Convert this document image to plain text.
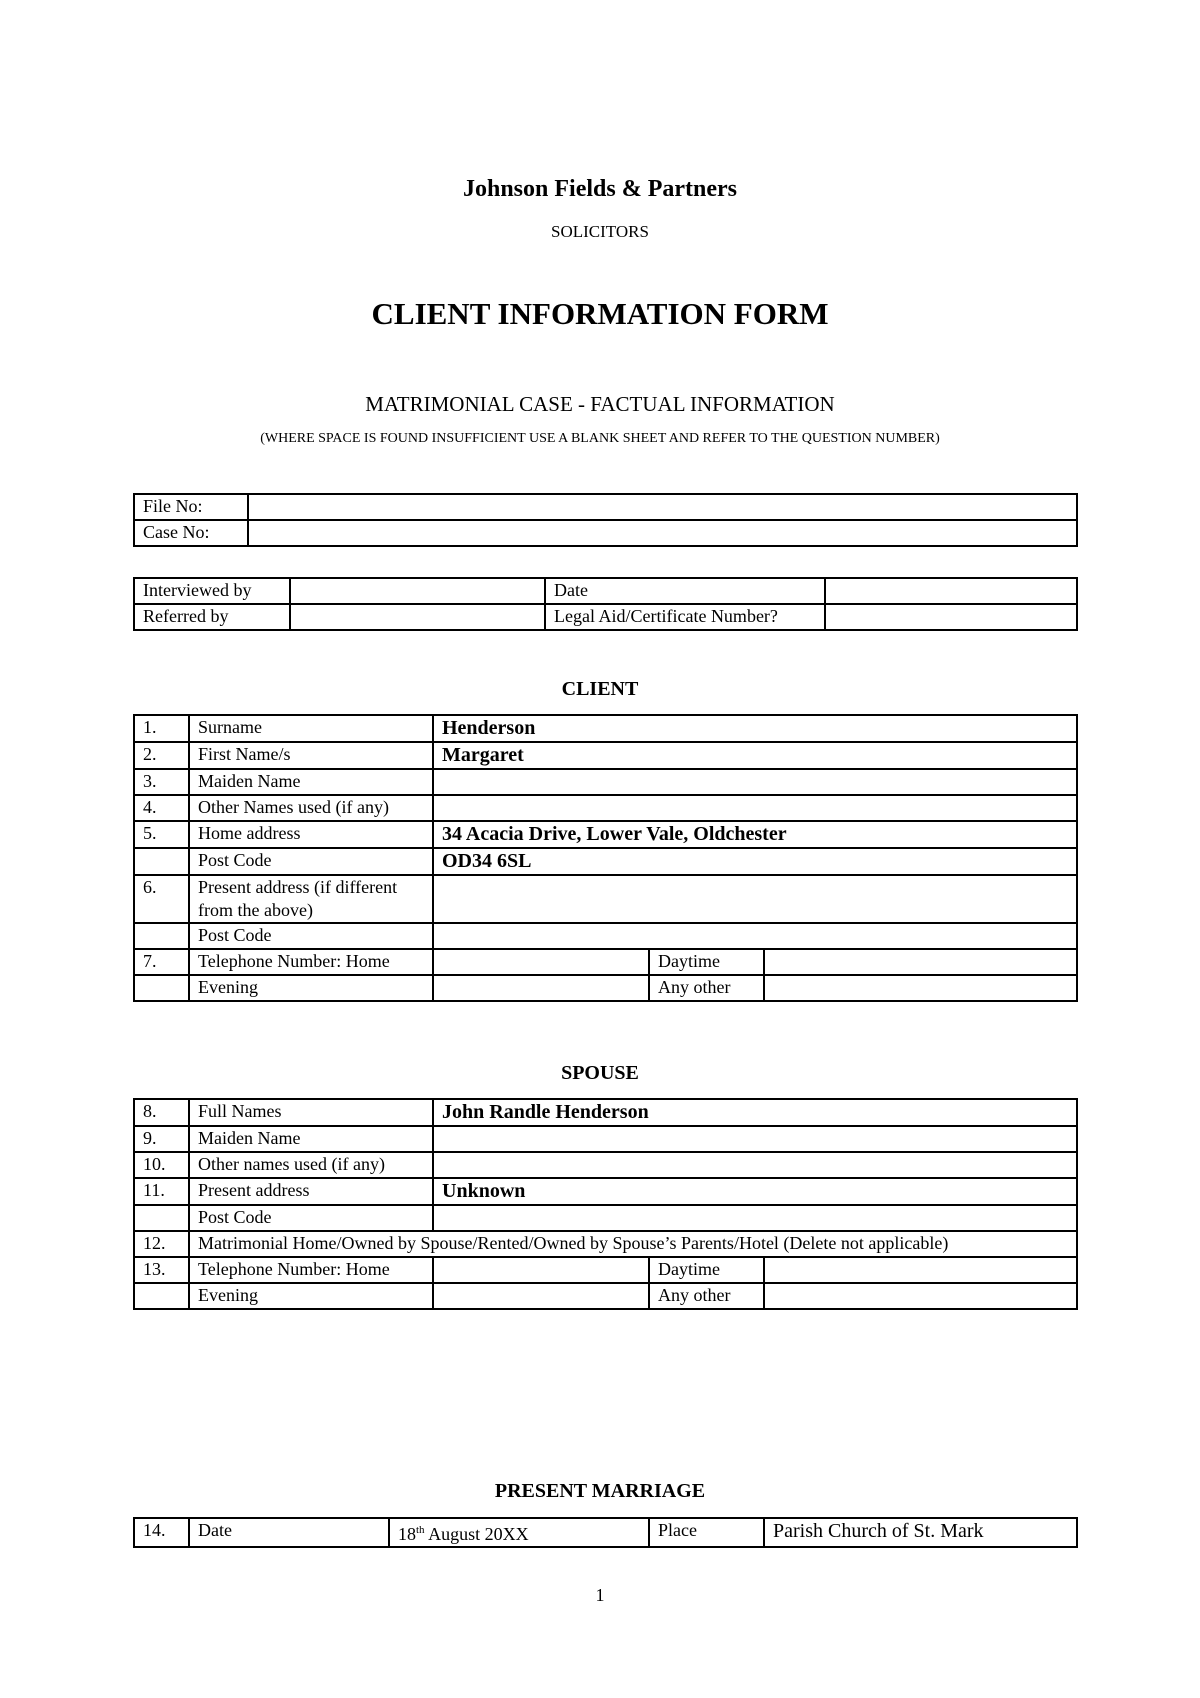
Johnson Fields & Partners
SOLICITORS
CLIENT INFORMATION FORM
MATRIMONIAL CASE - FACTUAL INFORMATION
(WHERE SPACE IS FOUND INSUFFICIENT USE A BLANK SHEET AND REFER TO THE QUESTION NUMBER)
File No:	
Case No:	
Interviewed by		Date	
Referred by		Legal Aid/Certificate Number?	
CLIENT
1.	Surname	Henderson		
2.	First Name/s	Margaret		
3.	Maiden Name			
4.	Other Names used (if any)			
5.	Home address	34 Acacia Drive, Lower Vale, Oldchester		
	Post Code	OD34 6SL		
6.	Present address (if different from the above)			
	Post Code			
7.	Telephone Number: Home		Daytime	
	Evening		Any other	
SPOUSE
8.	Full Names	John Randle Henderson		
9.	Maiden Name			
10.	Other names used (if any)			
11.	Present address	Unknown		
	Post Code			
12.	Matrimonial Home/Owned by Spouse/Rented/Owned by Spouse’s Parents/Hotel (Delete not applicable)			
13.	Telephone Number: Home		Daytime	
	Evening		Any other	
PRESENT MARRIAGE
14.	Date	18th August 20XX	Place	Parish Church of St. Mark
1
